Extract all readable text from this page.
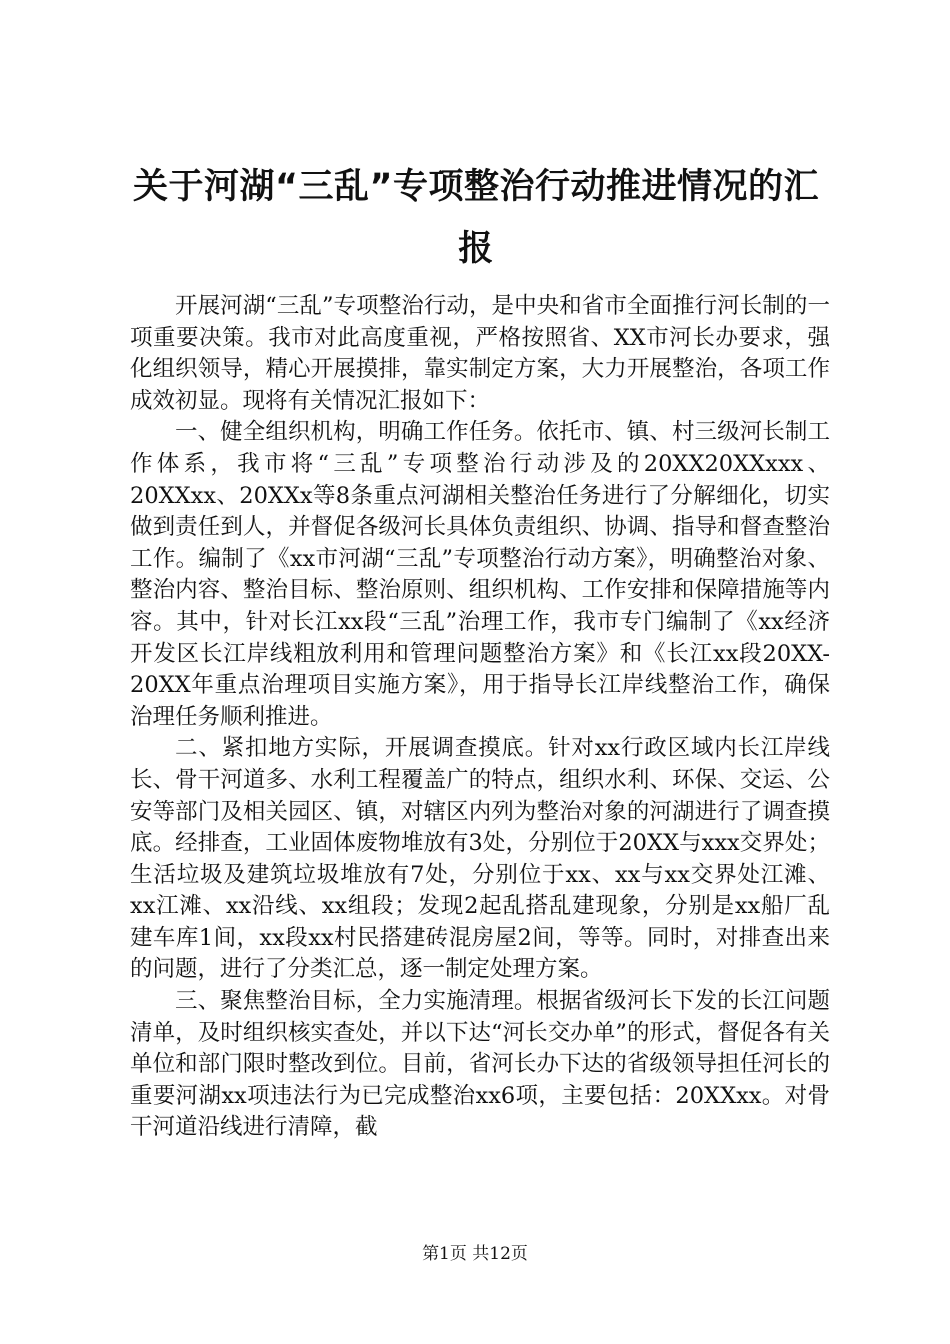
关于河湖“三乱”专项整治行动推进情况的汇报

开展河湖“三乱”专项整治行动，是中央和省市全面推行河长制的一项重要决策。我市对此高度重视，严格按照省、XX市河长办要求，强化组织领导，精心开展摸排，靠实制定方案，大力开展整治，各项工作成效初显。现将有关情况汇报如下：

一、健全组织机构，明确工作任务。依托市、镇、村三级河长制工作体系，我市将“三乱”专项整治行动涉及的20XX20XXxxx、20XXxx、20XXx等8条重点河湖相关整治任务进行了分解细化，切实做到责任到人，并督促各级河长具体负责组织、协调、指导和督查整治工作。编制了《xx市河湖“三乱”专项整治行动方案》，明确整治对象、整治内容、整治目标、整治原则、组织机构、工作安排和保障措施等内容。其中，针对长江xx段“三乱”治理工作，我市专门编制了《xx经济开发区长江岸线粗放利用和管理问题整治方案》和《长江xx段20XX-20XX年重点治理项目实施方案》，用于指导长江岸线整治工作，确保治理任务顺利推进。

二、紧扣地方实际，开展调查摸底。针对xx行政区域内长江岸线长、骨干河道多、水利工程覆盖广的特点，组织水利、环保、交运、公安等部门及相关园区、镇，对辖区内列为整治对象的河湖进行了调查摸底。经排查，工业固体废物堆放有3处，分别位于20XX与xxx交界处；生活垃圾及建筑垃圾堆放有7处，分别位于xx、xx与xx交界处江滩、xx江滩、xx沿线、xx组段；发现2起乱搭乱建现象，分别是xx船厂乱建车库1间，xx段xx村民搭建砖混房屋2间，等等。同时，对排查出来的问题，进行了分类汇总，逐一制定处理方案。

三、聚焦整治目标，全力实施清理。根据省级河长下发的长江问题清单，及时组织核实查处，并以下达“河长交办单”的形式，督促各有关单位和部门限时整改到位。目前，省河长办下达的省级领导担任河长的重要河湖xx项违法行为已完成整治xx6项，主要包括：20XXxx。对骨干河道沿线进行清障，截

第1页 共12页
